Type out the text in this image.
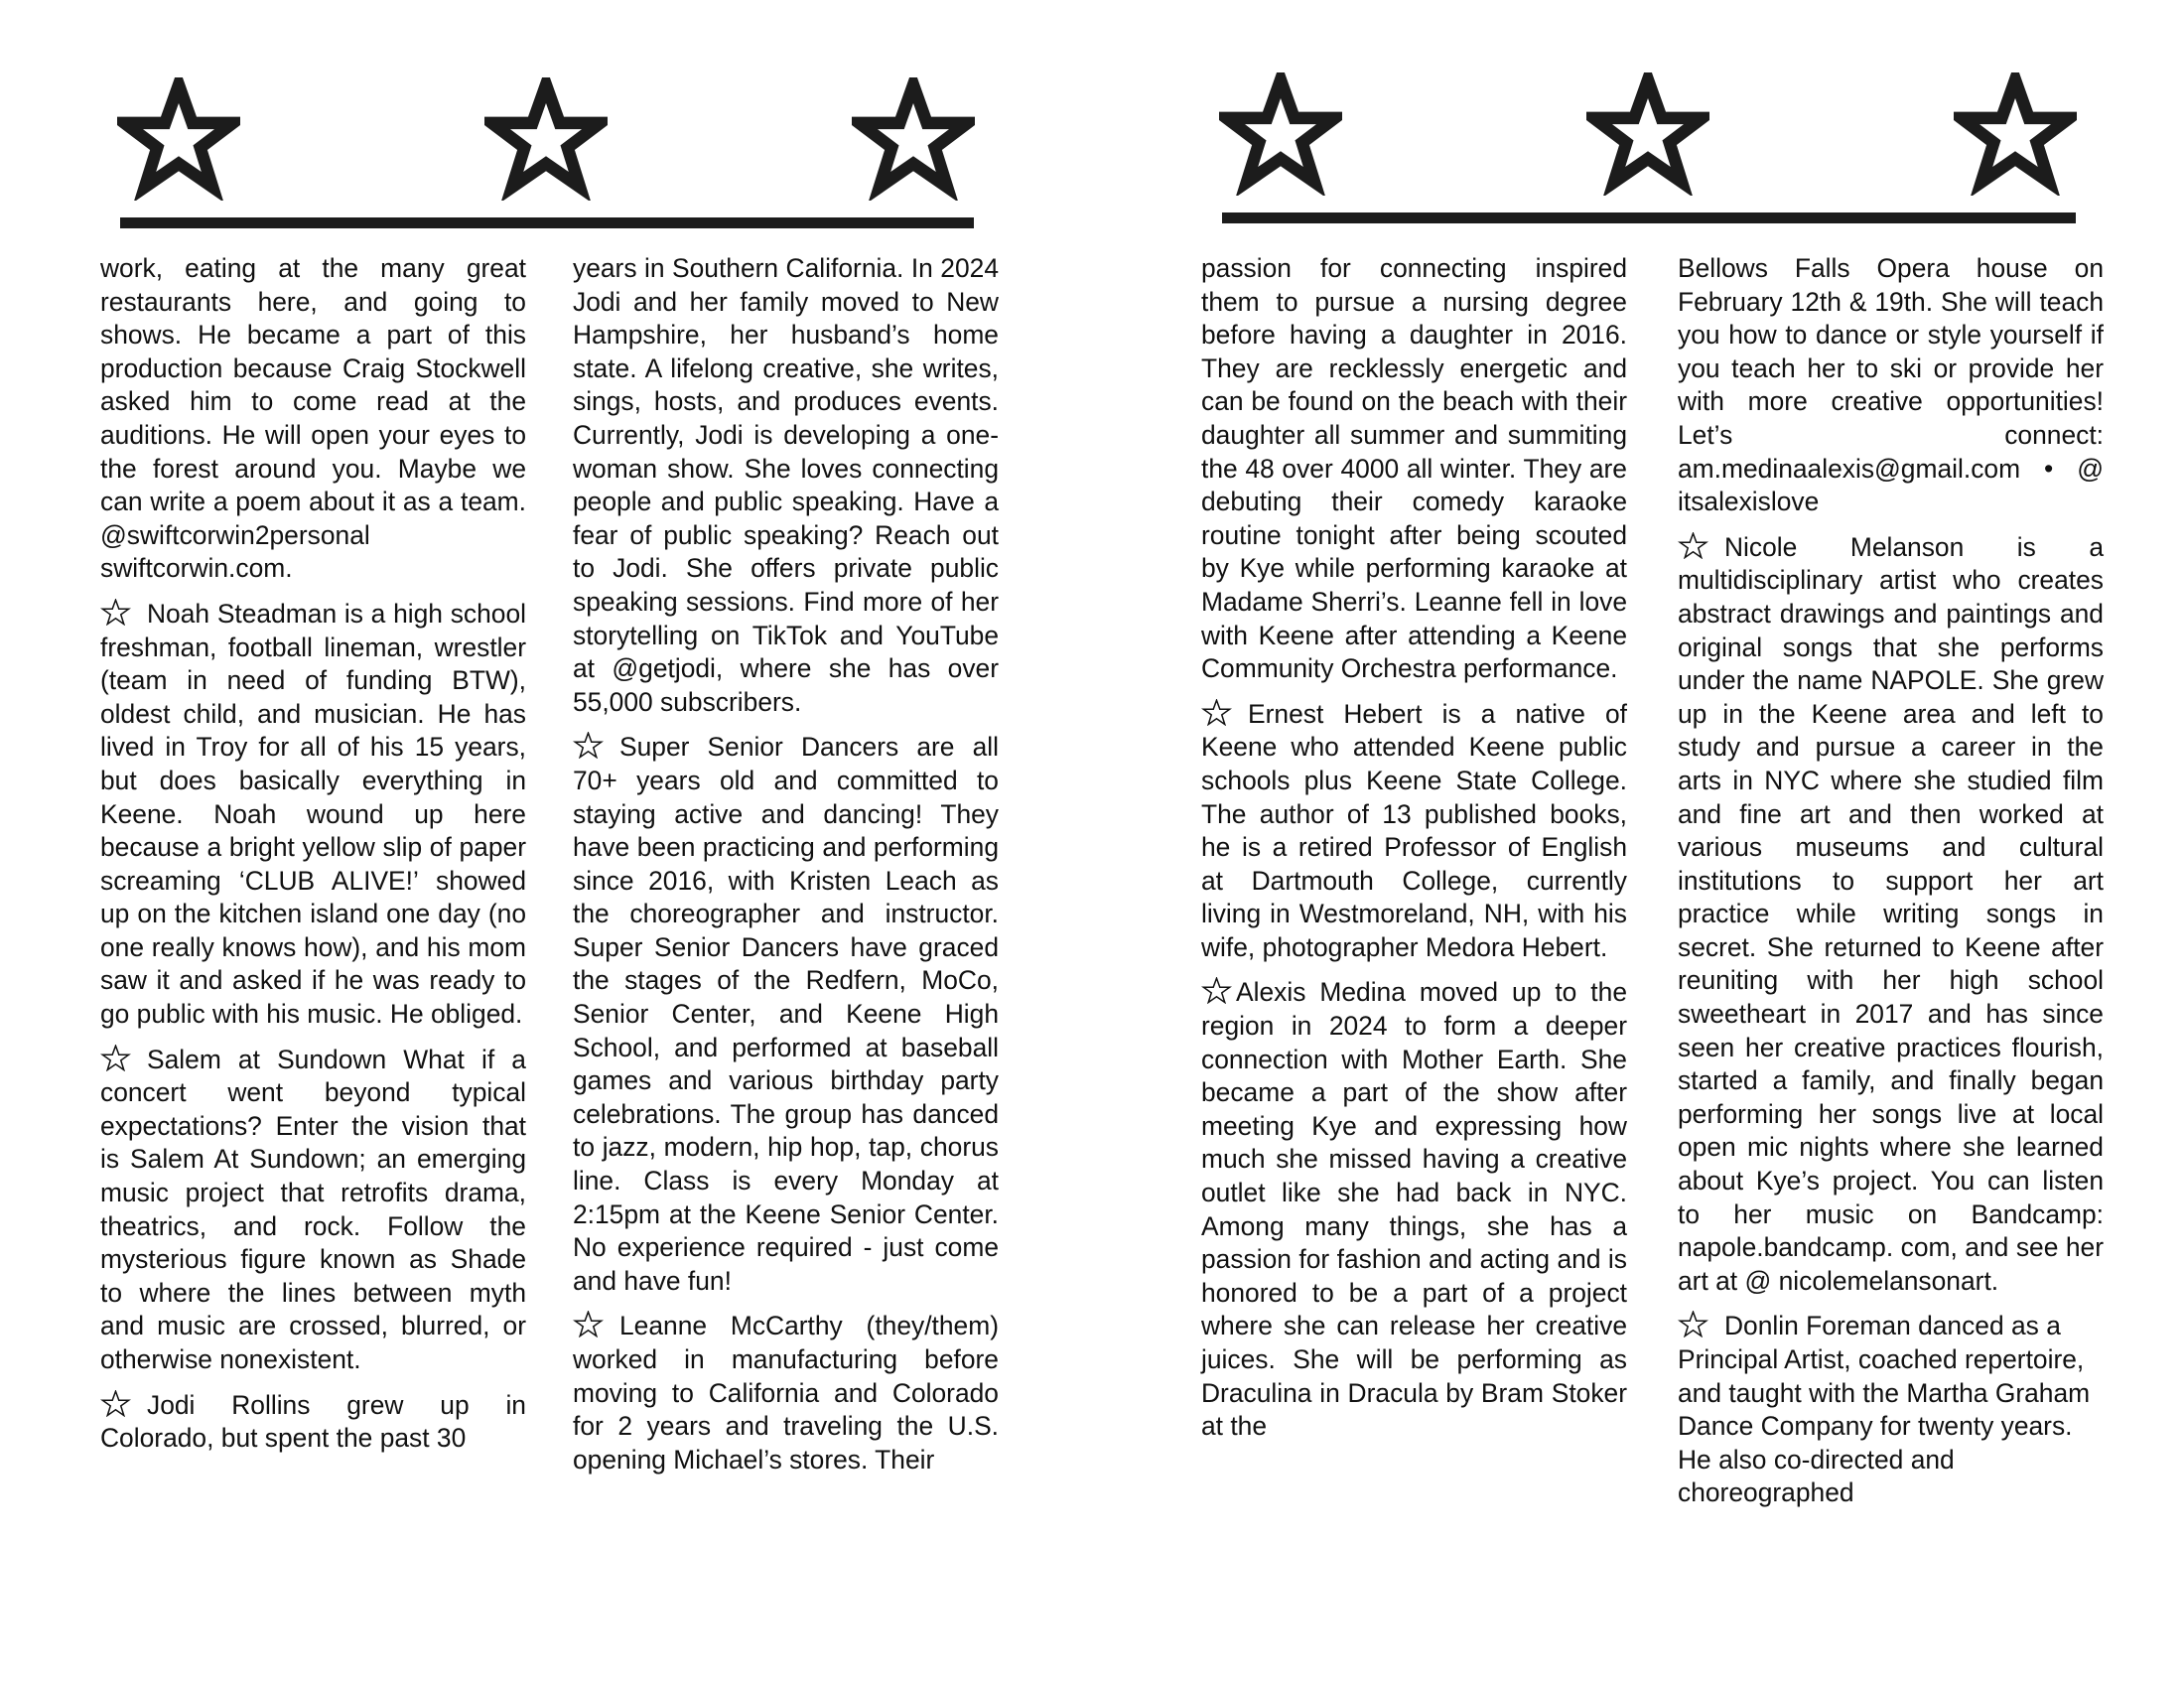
work, eating at the many great restaurants here, and going to shows. He became a part of this production because Craig Stockwell asked him to come read at the auditions. He will open your eyes to the forest around you. Maybe we can write a poem about it as a team. @swiftcorwin2personal swiftcorwin.com.

Noah Steadman is a high school freshman, football lineman, wrestler (team in need of funding BTW), oldest child, and musician. He has lived in Troy for all of his 15 years, but does basically everything in Keene. Noah wound up here because a bright yellow slip of paper screaming ‘CLUB ALIVE!’ showed up on the kitchen island one day (no one really knows how), and his mom saw it and asked if he was ready to go public with his music. He obliged.

Salem at Sundown What if a concert went beyond typical expectations? Enter the vision that is Salem At Sundown; an emerging music project that retrofits drama, theatrics, and rock. Follow the mysterious figure known as Shade to where the lines between myth and music are crossed, blurred, or otherwise nonexistent.

Jodi Rollins grew up in Colorado, but spent the past 30

years in Southern California. In 2024 Jodi and her family moved to New Hampshire, her husband’s home state. A lifelong creative, she writes, sings, hosts, and produces events. Currently, Jodi is developing a one-woman show. She loves connecting people and public speaking. Have a fear of public speaking? Reach out to Jodi. She offers private public speaking sessions. Find more of her storytelling on TikTok and YouTube at @getjodi, where she has over 55,000 subscribers.

Super Senior Dancers are all 70+ years old and committed to staying active and dancing! They have been practicing and performing since 2016, with Kristen Leach as the choreographer and instructor. Super Senior Dancers have graced the stages of the Redfern, MoCo, Senior Center, and Keene High School, and performed at baseball games and various birthday party celebrations. The group has danced to jazz, modern, hip hop, tap, chorus line. Class is every Monday at 2:15pm at the Keene Senior Center. No experience required - just come and have fun!

Leanne McCarthy (they/them) worked in manufacturing before moving to California and Colorado for 2 years and traveling the U.S. opening Michael’s stores. Their

passion for connecting inspired them to pursue a nursing degree before having a daughter in 2016. They are recklessly energetic and can be found on the beach with their daughter all summer and summiting the 48 over 4000 all winter. They are debuting their comedy karaoke routine tonight after being scouted by Kye while performing karaoke at Madame Sherri’s. Leanne fell in love with Keene after attending a Keene Community Orchestra performance.

Ernest Hebert is a native of Keene who attended Keene public schools plus Keene State College. The author of 13 published books, he is a retired Professor of English at Dartmouth College, currently living in Westmoreland, NH, with his wife, photographer Medora Hebert.

Alexis Medina moved up to the region in 2024 to form a deeper connection with Mother Earth. She became a part of the show after meeting Kye and expressing how much she missed having a creative outlet like she had back in NYC. Among many things, she has a passion for fashion and acting and is honored to be a part of a project where she can release her creative juices. She will be performing as Draculina in Dracula by Bram Stoker at the

Bellows Falls Opera house on February 12th & 19th. She will teach you how to dance or style yourself if you teach her to ski or provide her with more creative opportunities! Let’s connect: am.medinaalexis@gmail.com • @ itsalexislove

Nicole Melanson is a multidisciplinary artist who creates abstract drawings and paintings and original songs that she performs under the name NAPOLE. She grew up in the Keene area and left to study and pursue a career in the arts in NYC where she studied film and fine art and then worked at various museums and cultural institutions to support her art practice while writing songs in secret. She returned to Keene after reuniting with her high school sweetheart in 2017 and has since seen her creative practices flourish, started a family, and finally began performing her songs live at local open mic nights where she learned about Kye’s project. You can listen to her music on Bandcamp: napole.bandcamp. com, and see her art at @ nicolemelansonart.

Donlin Foreman danced as a Principal Artist, coached repertoire, and taught with the Martha Graham Dance Company for twenty years. He also co-directed and choreographed
